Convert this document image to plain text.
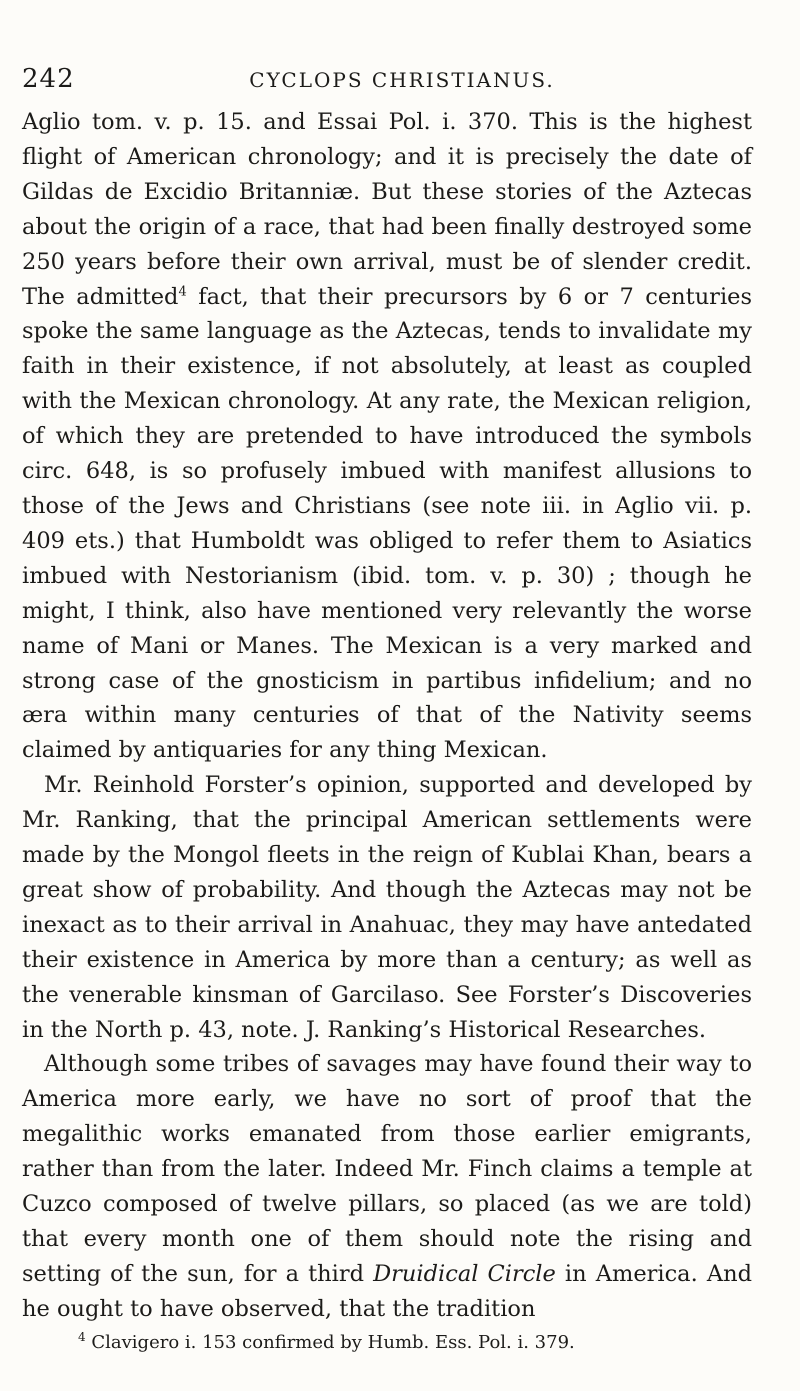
242	CYCLOPS CHRISTIANUS.

Aglio tom. v. p. 15. and Essai Pol. i. 370. This is the highest flight of American chronology; and it is precisely the date of Gildas de Excidio Britanniæ. But these stories of the Aztecas about the origin of a race, that had been finally destroyed some 250 years before their own arrival, must be of slender credit. The admitted$^4$ fact, that their precursors by 6 or 7 centuries spoke the same language as the Aztecas, tends to invalidate my faith in their existence, if not absolutely, at least as coupled with the Mexican chronology. At any rate, the Mexican religion, of which they are pretended to have introduced the symbols circ. 648, is so profusely imbued with manifest allusions to those of the Jews and Christians (see note iii. in Aglio vii. p. 409 ets.) that Humboldt was obliged to refer them to Asiatics imbued with Nestorianism (ibid. tom. v. p. 30) ; though he might, I think, also have mentioned very relevantly the worse name of Mani or Manes. The Mexican is a very marked and strong case of the gnosticism in partibus infidelium; and no æra within many centuries of that of the Nativity seems claimed by antiquaries for any thing Mexican.

Mr. Reinhold Forster’s opinion, supported and developed by Mr. Ranking, that the principal American settlements were made by the Mongol fleets in the reign of Kublai Khan, bears a great show of probability. And though the Aztecas may not be inexact as to their arrival in Anahuac, they may have antedated their existence in America by more than a century; as well as the venerable kinsman of Garcilaso. See Forster’s Discoveries in the North p. 43, note. J. Ranking’s Historical Researches.

Although some tribes of savages may have found their way to America more early, we have no sort of proof that the megalithic works emanated from those earlier emigrants, rather than from the later. Indeed Mr. Finch claims a temple at Cuzco composed of twelve pillars, so placed (as we are told) that every month one of them should note the rising and setting of the sun, for a third Druidical Circle in America. And he ought to have observed, that the tradition

$^4$ Clavigero i. 153 confirmed by Humb. Ess. Pol. i. 379.
